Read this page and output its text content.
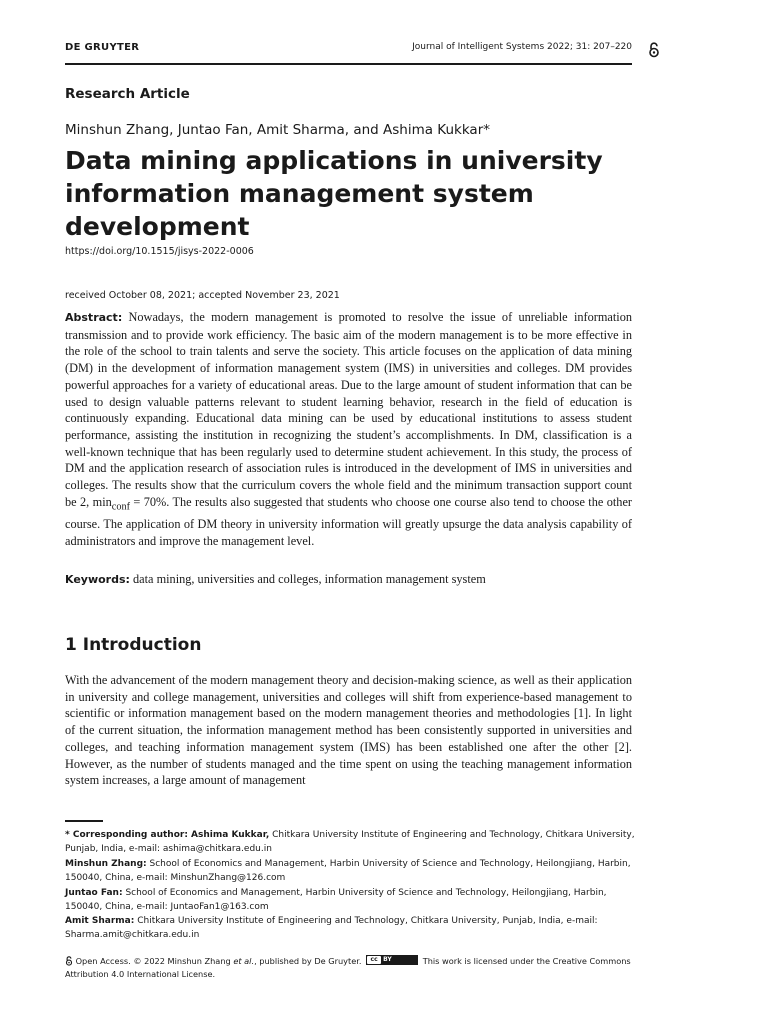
DE GRUYTER	Journal of Intelligent Systems 2022; 31: 207–220
Research Article
Minshun Zhang, Juntao Fan, Amit Sharma, and Ashima Kukkar*
Data mining applications in university information management system development
https://doi.org/10.1515/jisys-2022-0006
received October 08, 2021; accepted November 23, 2021

Abstract: Nowadays, the modern management is promoted to resolve the issue of unreliable information transmission and to provide work efficiency. The basic aim of the modern management is to be more effective in the role of the school to train talents and serve the society. This article focuses on the application of data mining (DM) in the development of information management system (IMS) in universities and colleges. DM provides powerful approaches for a variety of educational areas. Due to the large amount of student information that can be used to design valuable patterns relevant to student learning behavior, research in the field of education is continuously expanding. Educational data mining can be used by educational institutions to assess student performance, assisting the institution in recognizing the student’s accomplishments. In DM, classification is a well-known technique that has been regularly used to determine student achievement. In this study, the process of DM and the application research of association rules is introduced in the development of IMS in universities and colleges. The results show that the curriculum covers the whole field and the minimum transaction support count be 2, $\min_{conf} = 70\%$. The results also suggested that students who choose one course also tend to choose the other course. The application of DM theory in university information will greatly upsurge the data analysis capability of administrators and improve the management level.

Keywords: data mining, universities and colleges, information management system

1 Introduction

With the advancement of the modern management theory and decision-making science, as well as their application in university and college management, universities and colleges will shift from experience-based management to scientific or information management based on the modern management theories and methodologies [1]. In light of the current situation, the information management method has been consistently supported in universities and colleges, and teaching information management system (IMS) has been established one after the other [2]. However, as the number of students managed and the time spent on using the teaching management information system increases, a large amount of management

* Corresponding author: Ashima Kukkar, Chitkara University Institute of Engineering and Technology, Chitkara University, Punjab, India, e-mail: ashima@chitkara.edu.in

Minshun Zhang: School of Economics and Management, Harbin University of Science and Technology, Heilongjiang, Harbin, 150040, China, e-mail: MinshunZhang@126.com

Juntao Fan: School of Economics and Management, Harbin University of Science and Technology, Heilongjiang, Harbin, 150040, China, e-mail: JuntaoFan1@163.com

Amit Sharma: Chitkara University Institute of Engineering and Technology, Chitkara University, Punjab, India, e-mail: Sharma.amit@chitkara.edu.in

Open Access. © 2022 Minshun Zhang et al., published by De Gruyter.	cc BY	This work is licensed under the Creative Commons Attribution 4.0 International License.
